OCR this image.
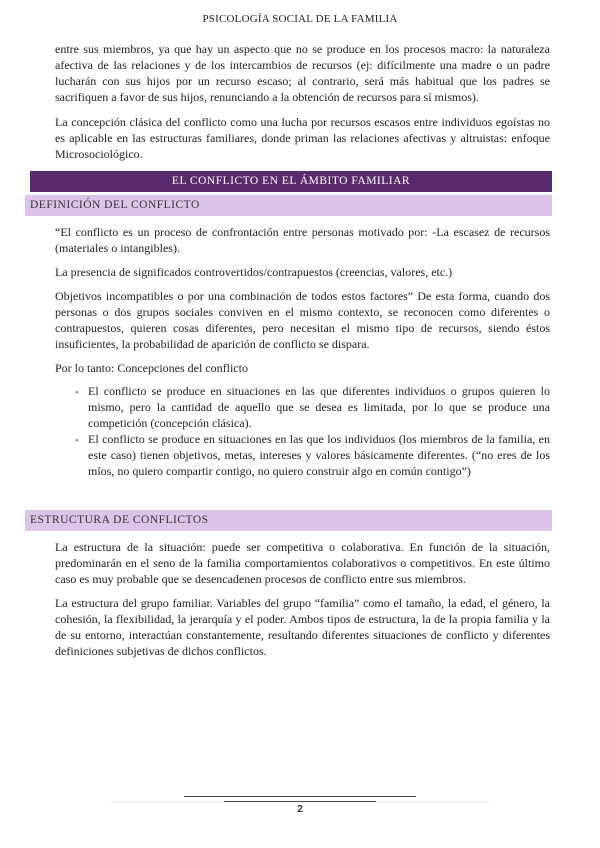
PSICOLOGÍA SOCIAL DE LA FAMILIA

entre sus miembros, ya que hay un aspecto que no se produce en los procesos macro: la naturaleza afectiva de las relaciones y de los intercambios de recursos (ej: difícilmente una madre o un padre lucharán con sus hijos por un recurso escaso; al contrario, será más habitual que los padres se sacrifiquen a favor de sus hijos, renunciando a la obtención de recursos para sí mismos).

La concepción clásica del conflicto como una lucha por recursos escasos entre individuos egoístas no es aplicable en las estructuras familiares, donde priman las relaciones afectivas y altruistas: enfoque Microsociológico.

EL CONFLICTO EN EL ÁMBITO FAMILIAR
DEFINICIÓN DEL CONFLICTO

“El conflicto es un proceso de confrontación entre personas motivado por: -La escasez de recursos (materiales o intangibles).

La presencia de significados controvertidos/contrapuestos (creencias, valores, etc.)

Objetivos incompatibles o por una combinación de todos estos factores” De esta forma, cuando dos personas o dos grupos sociales conviven en el mismo contexto, se reconocen como diferentes o contrapuestos, quieren cosas diferentes, pero necesitan el mismo tipo de recursos, siendo éstos insuficientes, la probabilidad de aparición de conflicto se dispara.

Por lo tanto: Concepciones del conflicto

- El conflicto se produce en situaciones en las que diferentes individuos o grupos quieren lo mismo, pero la cantidad de aquello que se desea es limitada, por lo que se produce una competición (concepción clásica).
- El conflicto se produce en situaciones en las que los individuos (los miembros de la familia, en este caso) tienen objetivos, metas, intereses y valores básicamente diferentes. (“no eres de los míos, no quiero compartir contigo, no quiero construir algo en común contigo”)
ESTRUCTURA DE CONFLICTOS

La estructura de la situación: puede ser competitiva o colaborativa. En función de la situación, predominarán en el seno de la familia comportamientos colaborativos o competitivos. En este último caso es muy probable que se desencadenen procesos de conflicto entre sus miembros.

La estructura del grupo familiar. Variables del grupo “familia” como el tamaño, la edad, el género, la cohesión, la flexibilidad, la jerarquía y el poder. Ambos tipos de estructura, la de la propia familia y la de su entorno, interactúan constantemente, resultando diferentes situaciones de conflicto y diferentes definiciones subjetivas de dichos conflictos.

2
